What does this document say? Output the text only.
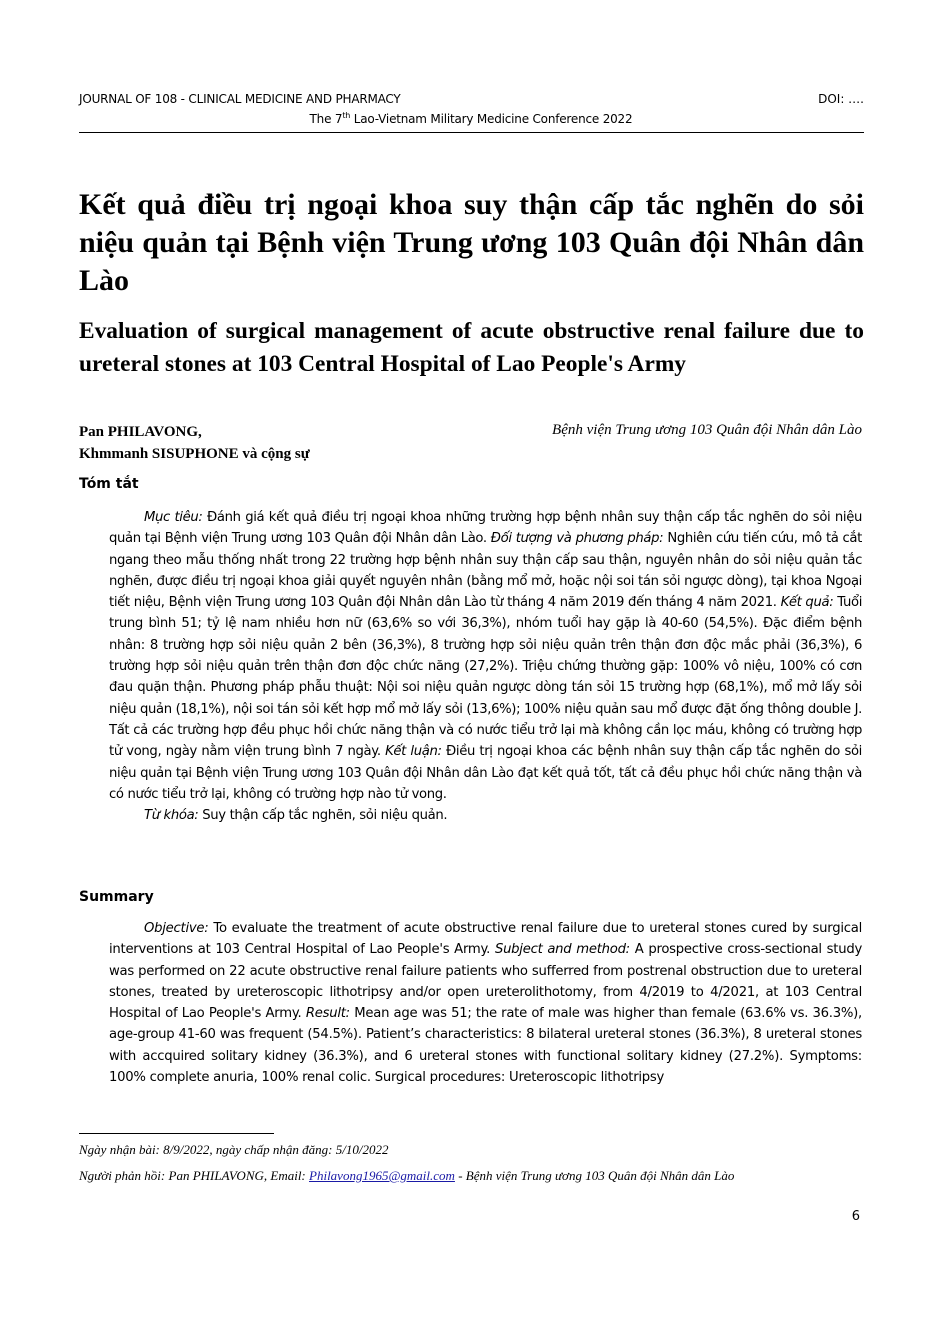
JOURNAL OF 108 - CLINICAL MEDICINE AND PHARMACY	DOI: ….
The 7th Lao-Vietnam Military Medicine Conference 2022
Kết quả điều trị ngoại khoa suy thận cấp tắc nghẽn do sỏi niệu quản tại Bệnh viện Trung ương 103 Quân đội Nhân dân Lào
Evaluation of surgical management of acute obstructive renal failure due to ureteral stones at 103 Central Hospital of Lao People's Army
Pan PHILAVONG,
Khmmanh SISUPHONE và cộng sự
Bệnh viện Trung ương 103 Quân đội Nhân dân Lào
Tóm tắt

Mục tiêu: Đánh giá kết quả điều trị ngoại khoa những trường hợp bệnh nhân suy thận cấp tắc nghẽn do sỏi niệu quản tại Bệnh viện Trung ương 103 Quân đội Nhân dân Lào. Đối tượng và phương pháp: Nghiên cứu tiến cứu, mô tả cắt ngang theo mẫu thống nhất trong 22 trường hợp bệnh nhân suy thận cấp sau thận, nguyên nhân do sỏi niệu quản tắc nghẽn, được điều trị ngoại khoa giải quyết nguyên nhân (bằng mổ mở, hoặc nội soi tán sỏi ngược dòng), tại khoa Ngoại tiết niệu, Bệnh viện Trung ương 103 Quân đội Nhân dân Lào từ tháng 4 năm 2019 đến tháng 4 năm 2021. Kết quả: Tuổi trung bình 51; tỷ lệ nam nhiều hơn nữ (63,6% so với 36,3%), nhóm tuổi hay gặp là 40-60 (54,5%). Đặc điểm bệnh nhân: 8 trường hợp sỏi niệu quản 2 bên (36,3%), 8 trường hợp sỏi niệu quản trên thận đơn độc mắc phải (36,3%), 6 trường hợp sỏi niệu quản trên thận đơn độc chức năng (27,2%). Triệu chứng thường gặp: 100% vô niệu, 100% có cơn đau quặn thận. Phương pháp phẫu thuật: Nội soi niệu quản ngược dòng tán sỏi 15 trường hợp (68,1%), mổ mở lấy sỏi niệu quản (18,1%), nội soi tán sỏi kết hợp mổ mở lấy sỏi (13,6%); 100% niệu quản sau mổ được đặt ống thông double J. Tất cả các trường hợp đều phục hồi chức năng thận và có nước tiểu trở lại mà không cần lọc máu, không có trường hợp tử vong, ngày nằm viện trung bình 7 ngày. Kết luận: Điều trị ngoại khoa các bệnh nhân suy thận cấp tắc nghẽn do sỏi niệu quản tại Bệnh viện Trung ương 103 Quân đội Nhân dân Lào đạt kết quả tốt, tất cả đều phục hồi chức năng thận và có nước tiểu trở lại, không có trường hợp nào tử vong.

Từ khóa: Suy thận cấp tắc nghẽn, sỏi niệu quản.

Summary

Objective: To evaluate the treatment of acute obstructive renal failure due to ureteral stones cured by surgical interventions at 103 Central Hospital of Lao People's Army. Subject and method: A prospective cross-sectional study was performed on 22 acute obstructive renal failure patients who sufferred from postrenal obstruction due to ureteral stones, treated by ureteroscopic lithotripsy and/or open ureterolithotomy, from 4/2019 to 4/2021, at 103 Central Hospital of Lao People's Army. Result: Mean age was 51; the rate of male was higher than female (63.6% vs. 36.3%), age-group 41-60 was frequent (54.5%). Patient’s characteristics: 8 bilateral ureteral stones (36.3%), 8 ureteral stones with accquired solitary kidney (36.3%), and 6 ureteral stones with functional solitary kidney (27.2%). Symptoms: 100% complete anuria, 100% renal colic. Surgical procedures: Ureteroscopic lithotripsy

Ngày nhận bài: 8/9/2022, ngày chấp nhận đăng: 5/10/2022
Người phản hồi: Pan PHILAVONG, Email: Philavong1965@gmail.com - Bệnh viện Trung ương 103 Quân đội Nhân dân Lào
6
